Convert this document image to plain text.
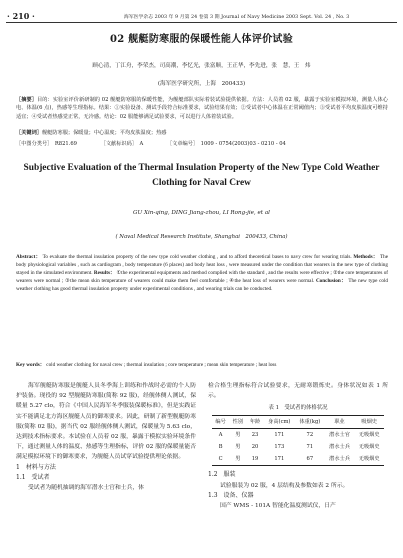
· 210 ·	海军医学杂志 2003 年 9 月第 24 卷第 3 期 Journal of Navy Medicine 2003 Sept. Vol. 24 , No. 3
02 舰艇防寒服的保暖性能人体评价试验
顾心清，丁江舟，李荣杰，司高潮，李忆光，张富顺，王正华，李先进，张　慧，王　炜
(海军医学研究所，上海　200433)
［摘要］目的：实验室评价新研制的 02 舰艇防寒服的保暖性能，为舰艇部队实际着装试验提供依据。方法：人员着 02 服，暴露于实验室模拟环境，测量人体心电、体温(6 点)，热感等生理指标。结果：①实验设备、测试手段符合标准要求，试验结果有效；②受试者中心体温在正常阈值内；③受试者平均皮肤温度可维持适宜；④受试者热感觉正常，无冷感。结论：02 服能够满足试验要求，可以进行人体着装试验。
［关键词］舰艇防寒服；保暖量；中心温度；平均皮肤温度；热感
［中图分类号］　R821.69	［文献标识码］　A	［文章编号］　1009 - 0754(2003)03 - 0210 - 04
Subjective Evaluation of the Thermal Insulation Property of the New Type Cold Weather Clothing for Naval Crew
GU Xin-qing, DING Jiang-zhou, LI Rong-jie, et al
( Naval Medical Research Institute, Shanghai　200433, China)
Abstract： To evaluate the thermal insulation property of the new type cold weather clothing , and to afford theoretical bases to navy crew for wearing trials. Methods： The body physiological variables , such as cardiogram , body temperature (6 places) and body heat loss , were measured under the condition that wearers in the new type of clothing stayed in the simulated environment. Results： ①the experimental equipments and method complied with the standard , and the results were effective ; ②the core temperatures of wearers were normal ; ③the mean skin temperature of wearers could make them feel comfortable ; ④the heat loss of wearers were normal. Conclusion： The new type cold weather clothing has good thermal insulation property under experimental conditions , and wearing trials can be conducted.
Key words： cold weather clothing for naval crew ; thermal insulation ; core temperature ; mean skin temperature ; heat loss
海军舰艇防寒服是舰艇人员冬季海上训练和作战时必需的个人防护装备。现役的 92 型舰艇防寒服(简称 92 服)，经舰体侧人测试，保暖量 5.27 clo，符合《中国人民海军冬季服装保暖标准》，但是实践证实不能满足北方海区舰艇人员的御寒要求。因此，研制了新型舰艇防寒服(简称 02 服)，据当代 02 服经舰体侧人测试，保暖量为 5.63 clo，达到技术指标要求。本试验在人员着 02 服，暴露于模拟实验环境条件下，通过测量人体的温度、热感等生理指标，评价 02 服的保暖量能否满足模拟环境下的御寒要求，为舰艇人员试穿试验提供理论依据。
1　材料与方法
1.1　受试者
受试者为随机抽调的海军潜水士官和士兵，体
检合格生理指标符合试验要求，无耐寒锻炼史。身体状况如表 1 所示。
表 1　受试者的体格状况
编号	性别	年龄	身高(cm)	体重(kg)	职业	吸烟史
A	男	23	171	72	潜水士官	无吸烟史
B	男	20	173	71	潜水士兵	无吸烟史
C	男	19	171	67	潜水士兵	无吸烟史
1.2　服装
试验服装为 02 服，4 层结构及参数如表 2 所示。
1.3　设备、仪器
国产 WMS - 101A 智能化温度测试仪，日产
